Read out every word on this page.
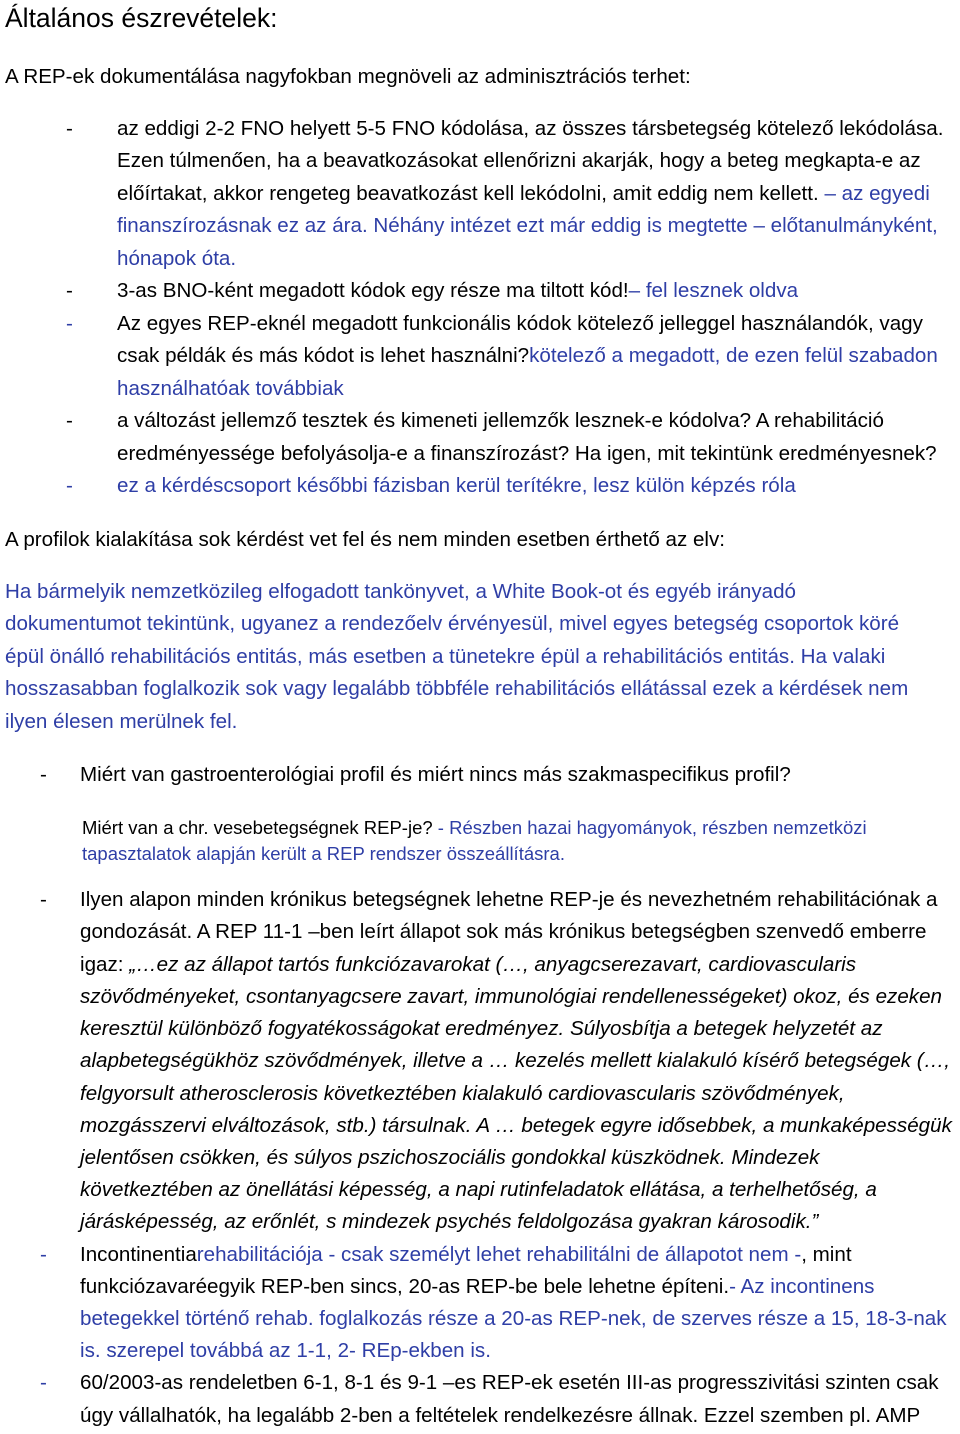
Általános észrevételek:
A REP-ek dokumentálása nagyfokban megnöveli az adminisztrációs terhet:
- az eddigi 2-2 FNO helyett 5-5 FNO kódolása, az összes társbetegség kötelező lekódolása.
Ezen túlmenően, ha a beavatkozásokat ellenőrizni akarják, hogy a beteg megkapta-e az
előírtakat, akkor rengeteg beavatkozást kell lekódolni, amit eddig nem kellett. – az egyedi
finanszírozásnak ez az ára. Néhány intézet ezt már eddig is megtette – előtanulmányként,
hónapok óta.
- 3-as BNO-ként megadott kódok egy része ma tiltott kód!– fel lesznek oldva
- Az egyes REP-eknél megadott funkcionális kódok kötelező jelleggel használandók, vagy
csak példák és más kódot is lehet használni?kötelező a megadott, de ezen felül szabadon
használhatóak továbbiak
- a változást jellemző tesztek és kimeneti jellemzők lesznek-e kódolva? A rehabilitáció
eredményessége befolyásolja-e a finanszírozást? Ha igen, mit tekintünk eredményesnek?
- ez a kérdéscsoport későbbi fázisban kerül terítékre, lesz külön képzés róla
A profilok kialakítása sok kérdést vet fel és nem minden esetben érthető az elv:
Ha bármelyik nemzetközileg elfogadott tankönyvet, a White Book-ot és egyéb irányadó
dokumentumot tekintünk, ugyanez a rendezőelv érvényesül, mivel egyes betegség csoportok köré
épül önálló rehabilitációs entitás, más esetben a tünetekre épül a rehabilitációs entitás. Ha valaki
hosszasabban foglalkozik sok vagy legalább többféle rehabilitációs ellátással ezek a kérdések nem
ilyen élesen merülnek fel.
- Miért van gastroenterológiai profil és miért nincs más szakmaspecifikus profil?
Miért van a chr. vesebetegségnek REP-je? - Részben hazai hagyományok, részben nemzetközi
tapasztalatok alapján került a REP rendszer összeállításra.
- Ilyen alapon minden krónikus betegségnek lehetne REP-je és nevezhetném rehabilitációnak a
gondozását. A REP 11-1 –ben leírt állapot sok más krónikus betegségben szenvedő emberre
igaz: „…ez az állapot tartós funkciózavarokat (…, anyagcserezavart, cardiovascularis
szövődményeket, csontanyagcsere zavart, immunológiai rendellenességeket) okoz, és ezeken
keresztül különböző fogyatékosságokat eredményez. Súlyosbítja a betegek helyzetét az
alapbetegségükhöz szövődmények, illetve a … kezelés mellett kialakuló kísérő betegségek (…,
felgyorsult atherosclerosis következtében kialakuló cardiovascularis szövődmények,
mozgásszervi elváltozások, stb.) társulnak. A … betegek egyre idősebbek, a munkaképességük
jelentősen csökken, és súlyos pszichoszociális gondokkal küszködnek. Mindezek
következtében az önellátási képesség, a napi rutinfeladatok ellátása, a terhelhetőség, a
járásképesség, az erőnlét, s mindezek psychés feldolgozása gyakran károsodik.”
- Incontinentiarehabilitációja - csak személyt lehet rehabilitálni de állapotot nem -, mint
funkciózavaréegyik REP-ben sincs, 20-as REP-be bele lehetne építeni.- Az incontinens
betegekkel történő rehab. foglalkozás része a 20-as REP-nek, de szerves része a 15, 18-3-nak
is. szerepel továbbá az 1-1, 2- REp-ekben is.
- 60/2003-as rendeletben 6-1, 8-1 és 9-1 –es REP-ek esetén III-as progresszivitási szinten csak
úgy vállalhatók, ha legalább 2-ben a feltételek rendelkezésre állnak. Ezzel szemben pl. AMP
